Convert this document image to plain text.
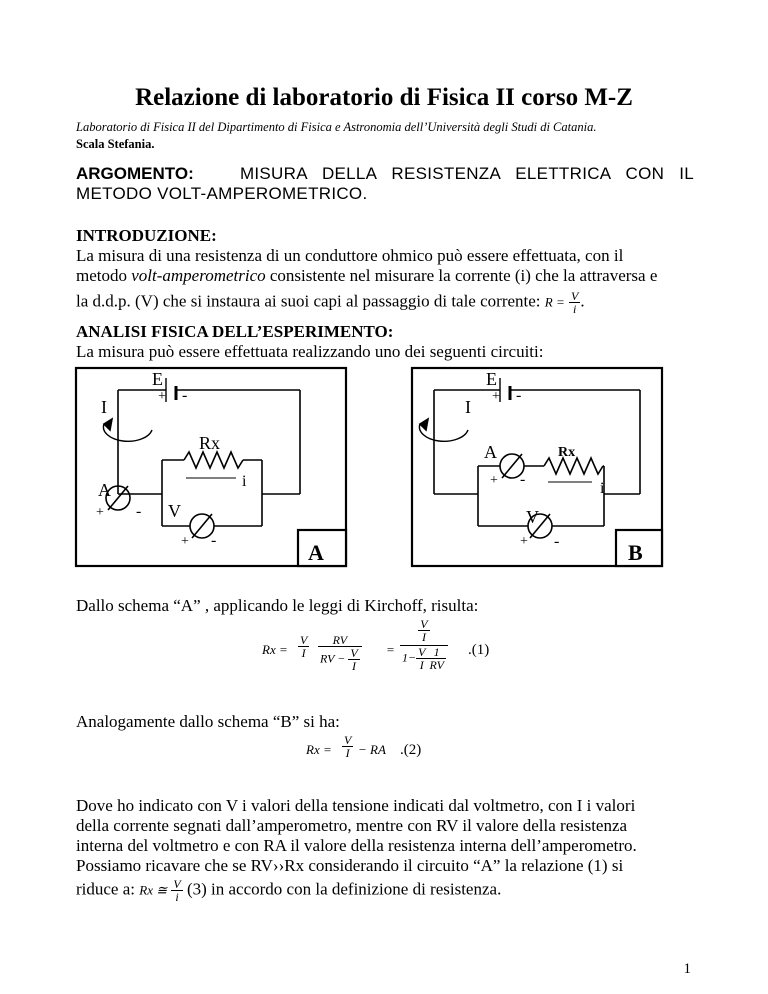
Relazione di laboratorio di Fisica II corso M-Z
Laboratorio di Fisica II del Dipartimento di Fisica e Astronomia dell’Università degli Studi di Catania.
Scala Stefania.
ARGOMENTO:	MISURA DELLA RESISTENZA ELETTRICA CON IL
METODO VOLT-AMPEROMETRICO.
INTRODUZIONE:
La misura di una resistenza di un conduttore ohmico può essere effettuata, con il
metodo volt-amperometrico consistente nel misurare la corrente (i) che la attraversa e
la d.d.p. (V) che si instaura ai suoi capi al passaggio di tale corrente: $R = \frac{V}{i}$ .
ANALISI FISICA DELL’ESPERIMENTO:
La misura può essere effettuata realizzando uno dei seguenti circuiti:
E
+ -
I
Rx
i
A
+ - V
+ -	A
E
+ -
I
A
+ -
Rx
i
V
+ -	B
Dallo schema “A” , applicando le leggi di Kirchoff, risulta:
$Rx = \frac{V}{I} \frac{RV}{RV - \frac{V}{I}} = \frac{\frac{V}{I}}{1- \frac{V}{I} \frac{1}{RV}} .(1)$
Analogamente dallo schema “B” si ha:
$Rx = \frac{V}{I}$ − RA .(2)
Dove ho indicato con V i valori della tensione indicati dal voltmetro, con I i valori
della corrente segnati dall’amperometro, mentre con RV il valore della resistenza
interna del voltmetro e con RA il valore della resistenza interna dell’amperometro.
Possiamo ricavare che se RV››Rx considerando il circuito “A” la relazione (1) si
riduce a: Rx ≅ $\frac{V}{i} (3)$ in accordo con la definizione di resistenza.
1
